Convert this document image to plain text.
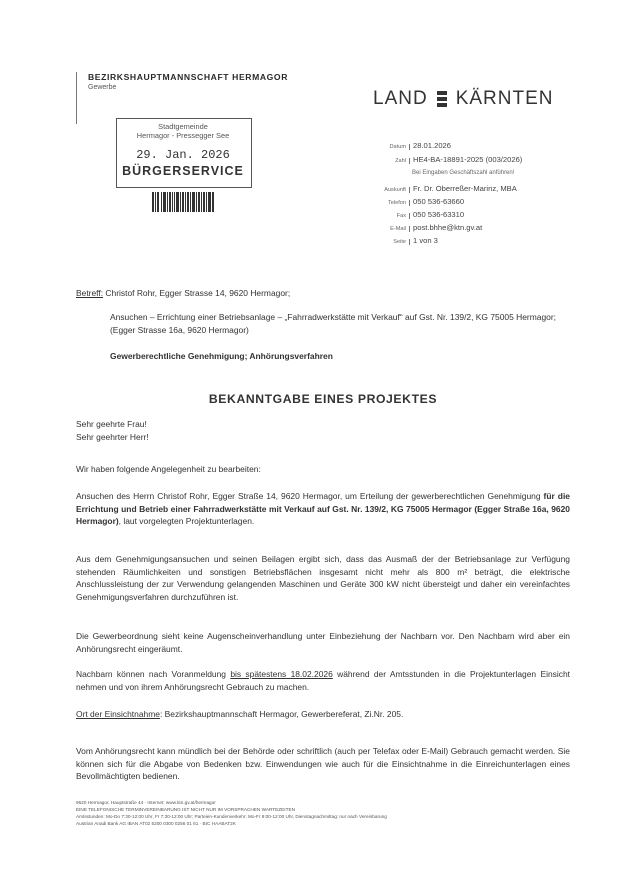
BEZIRKSHAUPTMANNSCHAFT HERMAGOR
Gewerbe
LAND KÄRNTEN
Stadtgemeinde
Hermagor - Pressegger See
29. Jan. 2026
BÜRGERSERVICE
Datum 28.01.2026
Zahl HE4-BA-18891-2025 (003/2026)
Bei Eingaben Geschäftszahl anführen!
Auskunft Fr. Dr. Oberreßer-Marinz, MBA
Telefon 050 536-63660
Fax 050 536-63310
E-Mail post.bhhe@ktn.gv.at
Seite 1 von 3
Betreff: Christof Rohr, Egger Strasse 14, 9620 Hermagor;
Ansuchen – Errichtung einer Betriebsanlage – „Fahrradwerkstätte mit Verkauf“ auf Gst. Nr. 139/2, KG 75005 Hermagor; (Egger Strasse 16a, 9620 Hermagor)
Gewerberechtliche Genehmigung; Anhörungsverfahren
BEKANNTGABE EINES PROJEKTES
Sehr geehrte Frau!
Sehr geehrter Herr!
Wir haben folgende Angelegenheit zu bearbeiten:
Ansuchen des Herrn Christof Rohr, Egger Straße 14, 9620 Hermagor, um Erteilung der gewerberechtlichen Genehmigung für die Errichtung und Betrieb einer Fahrradwerkstätte mit Verkauf auf Gst. Nr. 139/2, KG 75005 Hermagor (Egger Straße 16a, 9620 Hermagor), laut vorgelegten Projektunterlagen.
Aus dem Genehmigungsansuchen und seinen Beilagen ergibt sich, dass das Ausmaß der der Betriebsanlage zur Verfügung stehenden Räumlichkeiten und sonstigen Betriebsflächen insgesamt nicht mehr als 800 m² beträgt, die elektrische Anschlussleistung der zur Verwendung gelangenden Maschinen und Geräte 300 kW nicht übersteigt und daher ein vereinfachtes Genehmigungsverfahren durchzuführen ist.
Die Gewerbeordnung sieht keine Augenscheinverhandlung unter Einbeziehung der Nachbarn vor. Den Nachbarn wird aber ein Anhörungsrecht eingeräumt.
Nachbarn können nach Voranmeldung bis spätestens 18.02.2026 während der Amtsstunden in die Projektunterlagen Einsicht nehmen und von ihrem Anhörungsrecht Gebrauch zu machen.
Ort der Einsichtnahme: Bezirkshauptmannschaft Hermagor, Gewerbereferat, Zi.Nr. 205.
Vom Anhörungsrecht kann mündlich bei der Behörde oder schriftlich (auch per Telefax oder E-Mail) Gebrauch gemacht werden. Sie können sich für die Abgabe von Bedenken bzw. Einwendungen wie auch für die Einsichtnahme in die Einreichunterlagen eines Bevollmächtigten bedienen.
9620 Hermagor, Hauptstraße 44 · Internet: www.ktn.gv.at/hermagor
EINE TELEFONISCHE TERMINVEREINBARUNG IST NICHT NUR IM VORSPRACHEN WARTEZEITEN
Amtsstunden: Mo-Do 7:30-12:00 Uhr, Fr 7:30-12:00 Uhr; Parteien-Kundenverkehr: Mo-Fr 8:00-12:00 Uhr, Dienstagnachmittag: nur nach Vereinbarung
Austrian Anadi Bank AG IBAN AT02 5200 0300 0256 01 61 · BIC HAABAT2K
